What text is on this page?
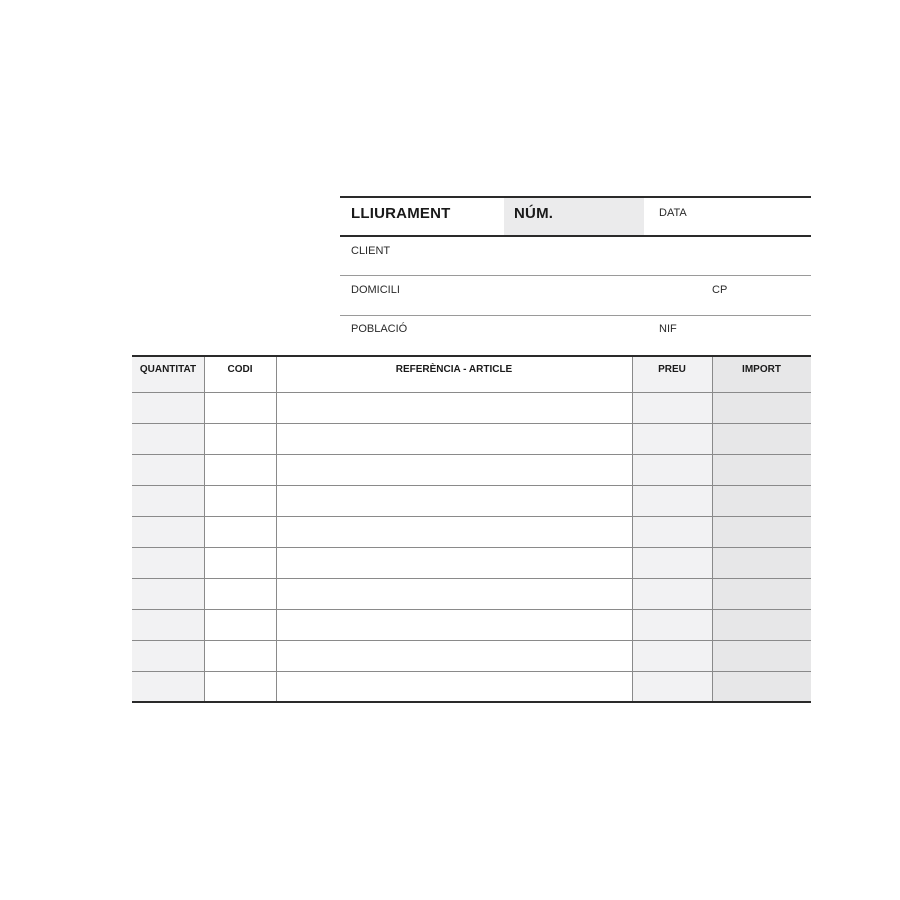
LLIURAMENT	NÚM.	DATA
CLIENT
DOMICILI	CP
POBLACIÓ	NIF
QUANTITAT	CODI	REFERÈNCIA - ARTICLE	PREU	IMPORT
